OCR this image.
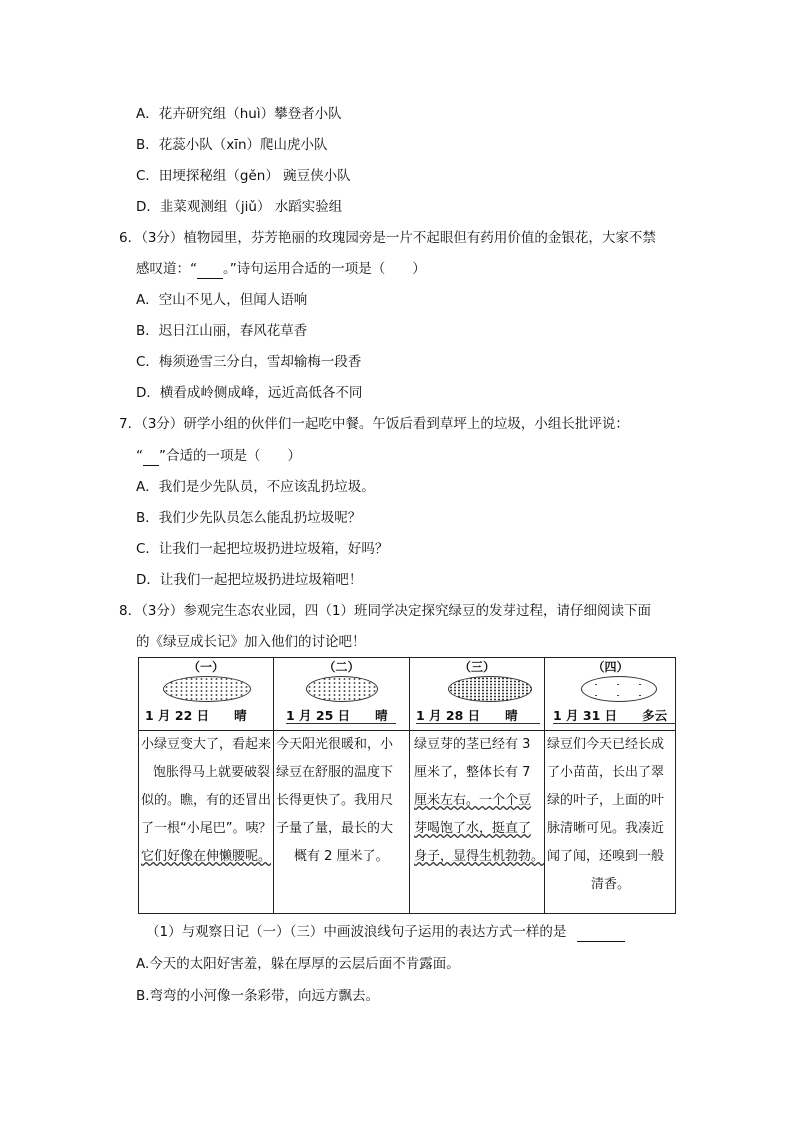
A．花卉研究组（huì）攀登者小队
B．花蕊小队（xīn）爬山虎小队
C．田埂探秘组（gěn） 豌豆侠小队
D．韭菜观测组（jiǔ） 水蹈实验组
6．（3分）植物园里，芬芳艳丽的玫瑰园旁是一片不起眼但有药用价值的金银花，大家不禁
感叹道：“ 。”诗句运用合适的一项是（　　）
A．空山不见人，但闻人语响
B．迟日江山丽，春风花草香
C．梅须逊雪三分白，雪却输梅一段香
D．横看成岭侧成峰，远近高低各不同
7．（3分）研学小组的伙伴们一起吃中餐。午饭后看到草坪上的垃圾，小组长批评说：
“ ”合适的一项是（　　）
A．我们是少先队员，不应该乱扔垃圾。
B．我们少先队员怎么能乱扔垃圾呢？
C．让我们一起把垃圾扔进垃圾箱，好吗？
D．让我们一起把垃圾扔进垃圾箱吧！
8．（3分）参观完生态农业园，四（1）班同学决定探究绿豆的发芽过程，请仔细阅读下面
的《绿豆成长记》加入他们的讨论吧！
（一）
1 月 22 日　　晴
小绿豆变大了，看起来
饱胀得马上就要破裂
似的。瞧，有的还冒出
了一根“小尾巴”。咦？
它们好像在伸懒腰呢。
（二）
1 月 25 日　　晴
今天阳光很暖和，小
绿豆在舒服的温度下
长得更快了。我用尺
子量了量，最长的大
概有 2 厘米了。
（三）
1 月 28 日　　晴
绿豆芽的茎已经有 3
厘米了，整体长有 7
厘米左右。一个个豆
芽喝饱了水，挺直了
身子，显得生机勃勃。
（四）
1 月 31 日　　多云
绿豆们今天已经长成
了小苗苗，长出了翠
绿的叶子，上面的叶
脉清晰可见。我凑近
闻了闻，还嗅到一般
清香。
（1）与观察日记（一）（三）中画波浪线句子运用的表达方式一样的是
A.今天的太阳好害羞，躲在厚厚的云层后面不肯露面。
B.弯弯的小河像一条彩带，向远方飘去。
